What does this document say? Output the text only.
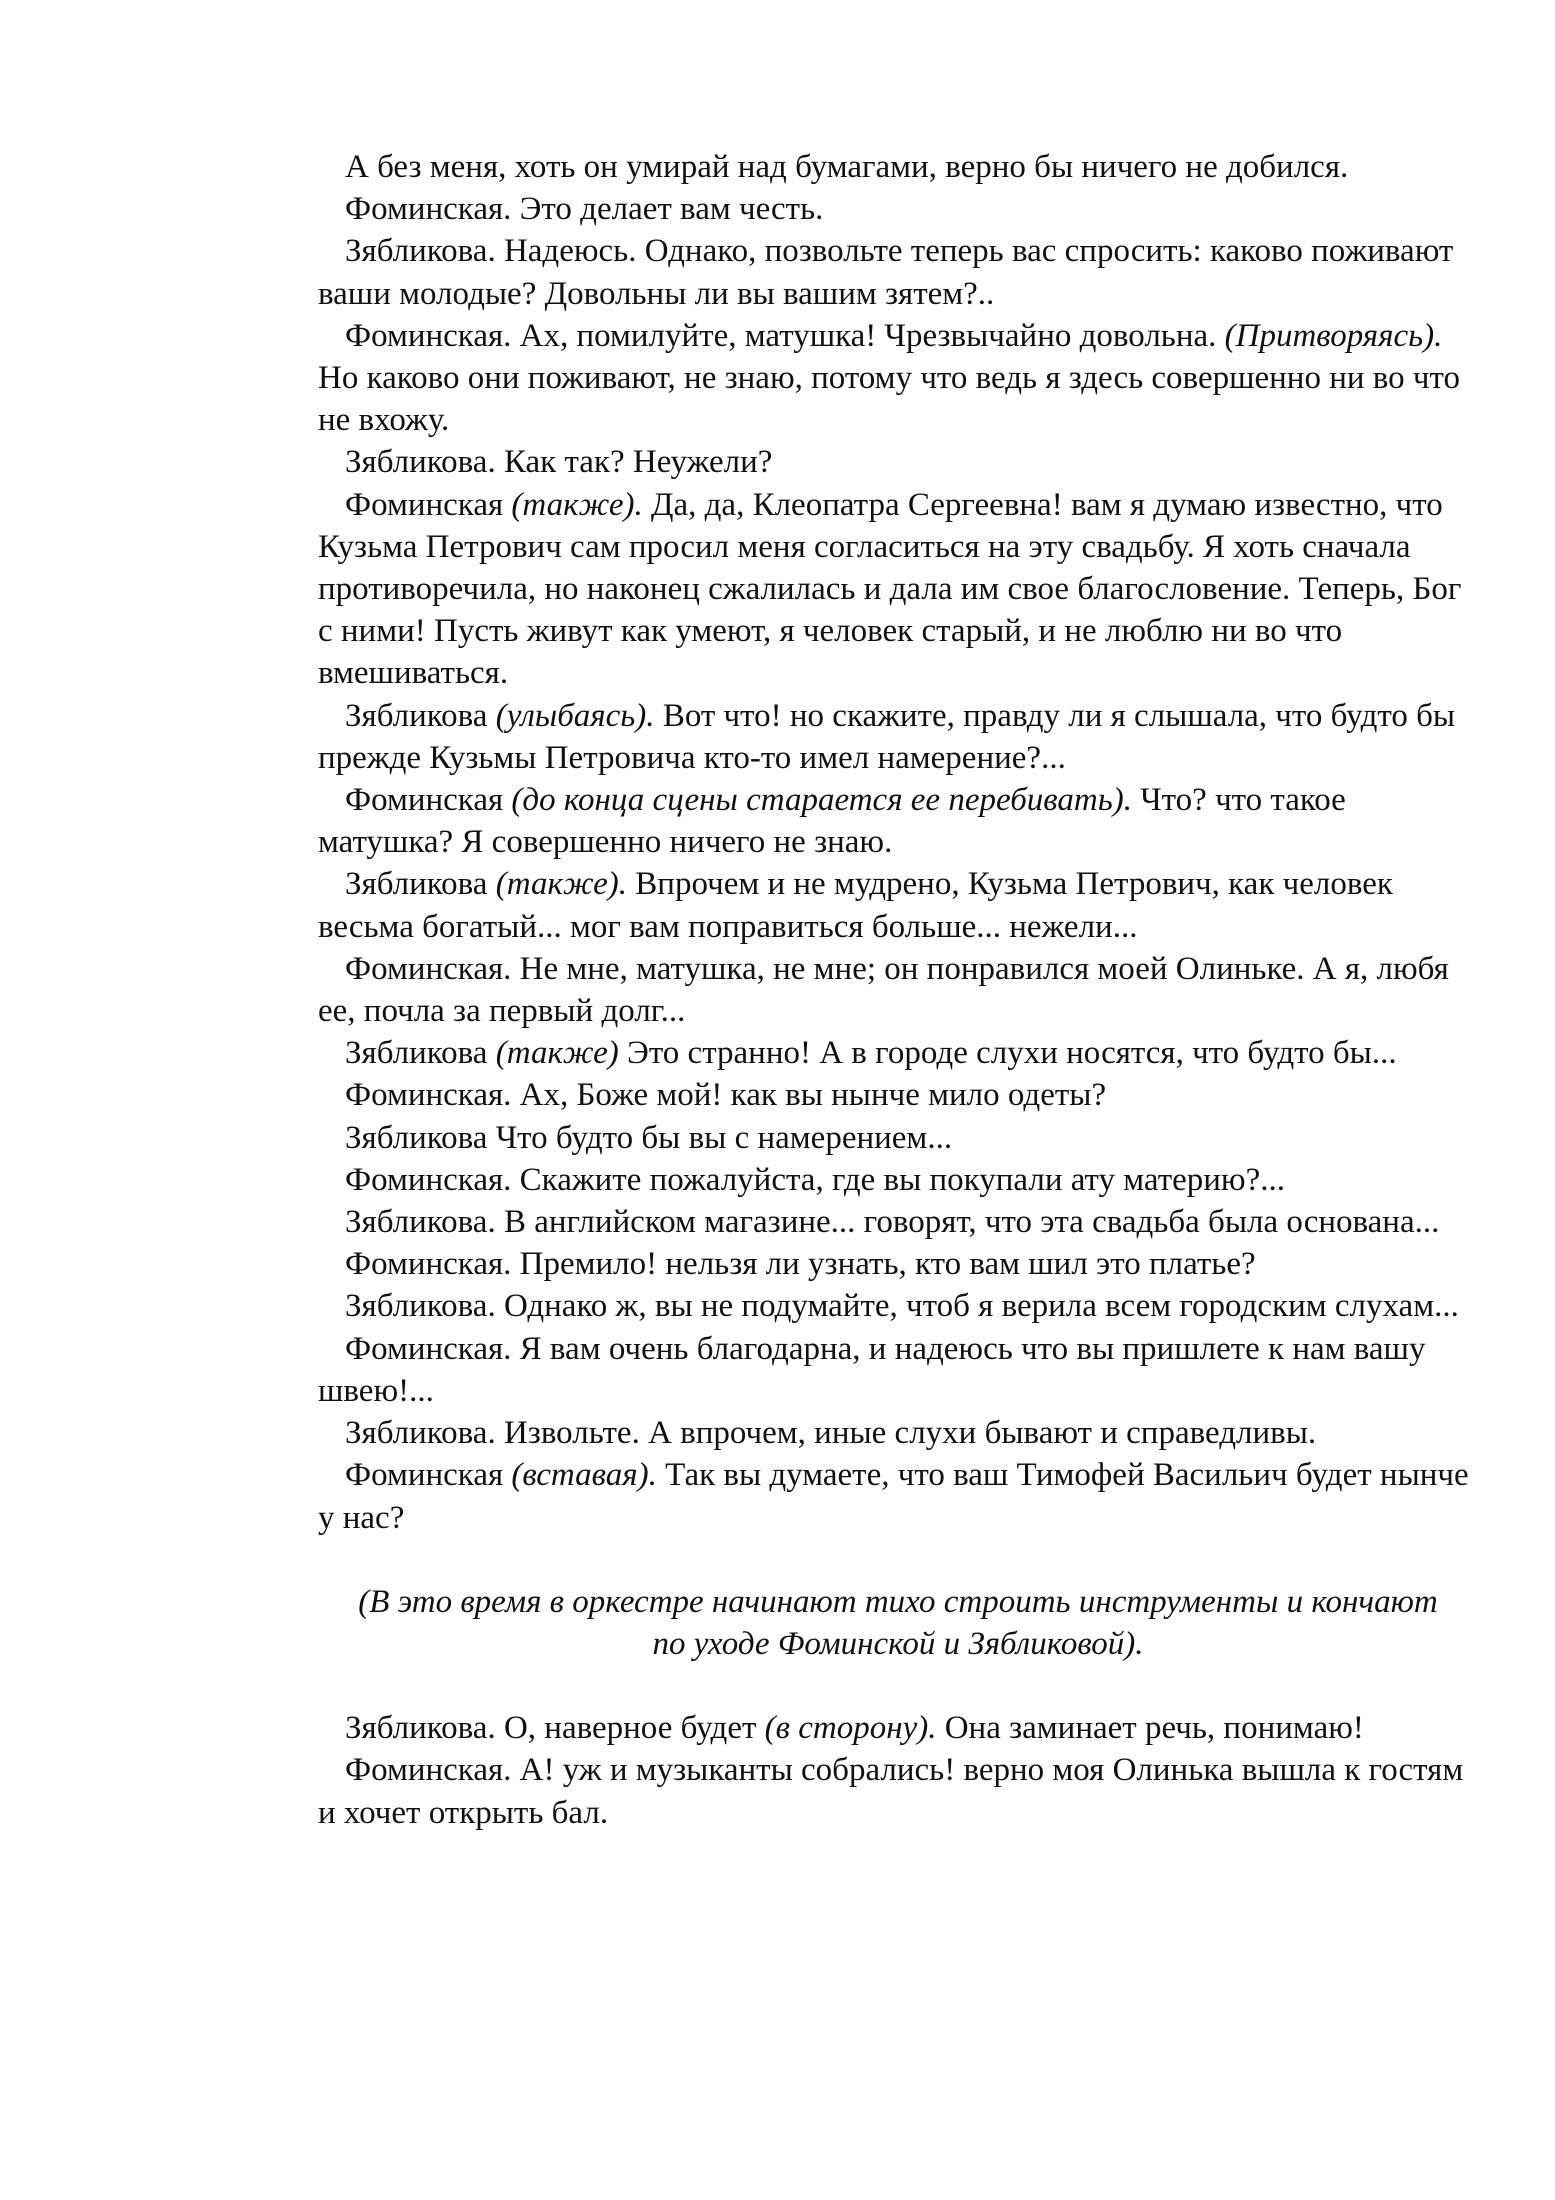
А без меня, хоть он умирай над бумагами, верно бы ничего не добился.

Фоминская. Это делает вам честь.

Зябликова. Надеюсь. Однако, позвольте теперь вас спросить: каково поживают ваши молодые? Довольны ли вы вашим зятем?..

Фоминская. Ах, помилуйте, матушка! Чрезвычайно довольна. (Притворяясь). Но каково они поживают, не знаю, потому что ведь я здесь совершенно ни во что не вхожу.

Зябликова. Как так? Неужели?

Фоминская (также). Да, да, Клеопатра Сергеевна! вам я думаю известно, что Кузьма Петрович сам просил меня согласиться на эту свадьбу. Я хоть сначала противоречила, но наконец сжалилась и дала им свое благословение. Теперь, Бог с ними! Пусть живут как умеют, я человек старый, и не люблю ни во что вмешиваться.

Зябликова (улыбаясь). Вот что! но скажите, правду ли я слышала, что будто бы прежде Кузьмы Петровича кто-то имел намерение?...

Фоминская (до конца сцены старается ее перебивать). Что? что такое матушка? Я совершенно ничего не знаю.

Зябликова (также). Впрочем и не мудрено, Кузьма Петрович, как человек весьма богатый... мог вам поправиться больше... нежели...

Фоминская. Не мне, матушка, не мне; он понравился моей Олиньке. А я, любя ее, почла за первый долг...

Зябликова (также) Это странно! А в городе слухи носятся, что будто бы...

Фоминская. Ах, Боже мой! как вы нынче мило одеты?

Зябликова Что будто бы вы с намерением...

Фоминская. Скажите пожалуйста, где вы покупали ату материю?...

Зябликова. В английском магазине... говорят, что эта свадьба была основана...

Фоминская. Премило! нельзя ли узнать, кто вам шил это платье?

Зябликова. Однако ж, вы не подумайте, чтоб я верила всем городским слухам...

Фоминская. Я вам очень благодарна, и надеюсь что вы пришлете к нам вашу швею!...

Зябликова. Извольте. А впрочем, иные слухи бывают и справедливы.

Фоминская (вставая). Так вы думаете, что ваш Тимофей Васильич будет нынче у нас?

(В это время в оркестре начинают тихо строить инструменты и кончают по уходе Фоминской и Зябликовой).

Зябликова. О, наверное будет (в сторону). Она заминает речь, понимаю!

Фоминская. А! уж и музыканты собрались! верно моя Олинька вышла к гостям и хочет открыть бал.
